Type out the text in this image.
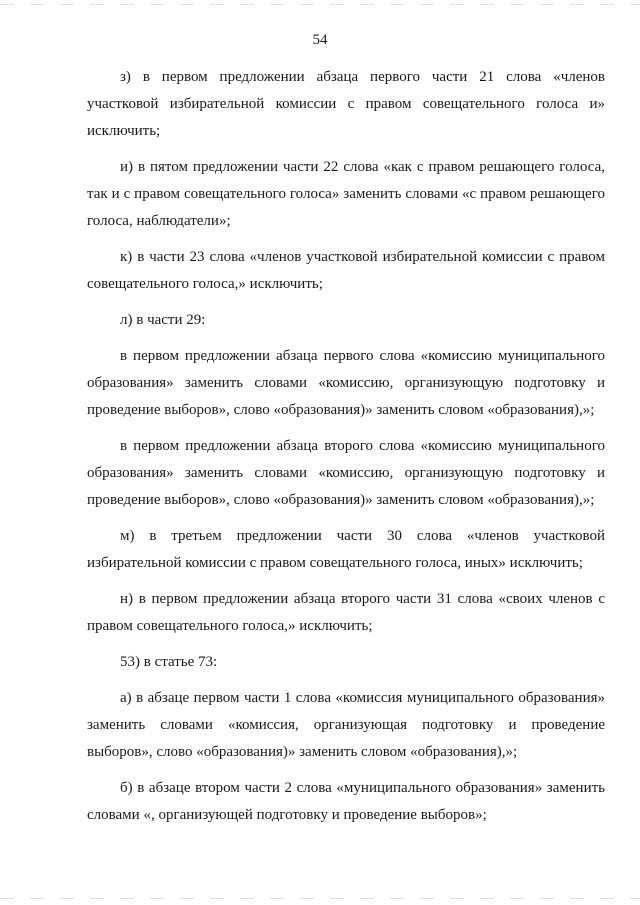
54

з) в первом предложении абзаца первого части 21 слова «членов участковой избирательной комиссии с правом совещательного голоса и» исключить;

и) в пятом предложении части 22 слова «как с правом решающего голоса, так и с правом совещательного голоса» заменить словами «с правом решающего голоса, наблюдатели»;

к) в части 23 слова «членов участковой избирательной комиссии с правом совещательного голоса,» исключить;

л) в части 29:

в первом предложении абзаца первого слова «комиссию муниципального образования» заменить словами «комиссию, организующую подготовку и проведение выборов», слово «образования)» заменить словом «образования),»;

в первом предложении абзаца второго слова «комиссию муниципального образования» заменить словами «комиссию, организующую подготовку и проведение выборов», слово «образования)» заменить словом «образования),»;

м) в третьем предложении части 30 слова «членов участковой избирательной комиссии с правом совещательного голоса, иных» исключить;

н) в первом предложении абзаца второго части 31 слова «своих членов с правом совещательного голоса,» исключить;

53) в статье 73:

а) в абзаце первом части 1 слова «комиссия муниципального образования» заменить словами «комиссия, организующая подготовку и проведение выборов», слово «образования)» заменить словом «образования),»;

б) в абзаце втором части 2 слова «муниципального образования» заменить словами «, организующей подготовку и проведение выборов»;
